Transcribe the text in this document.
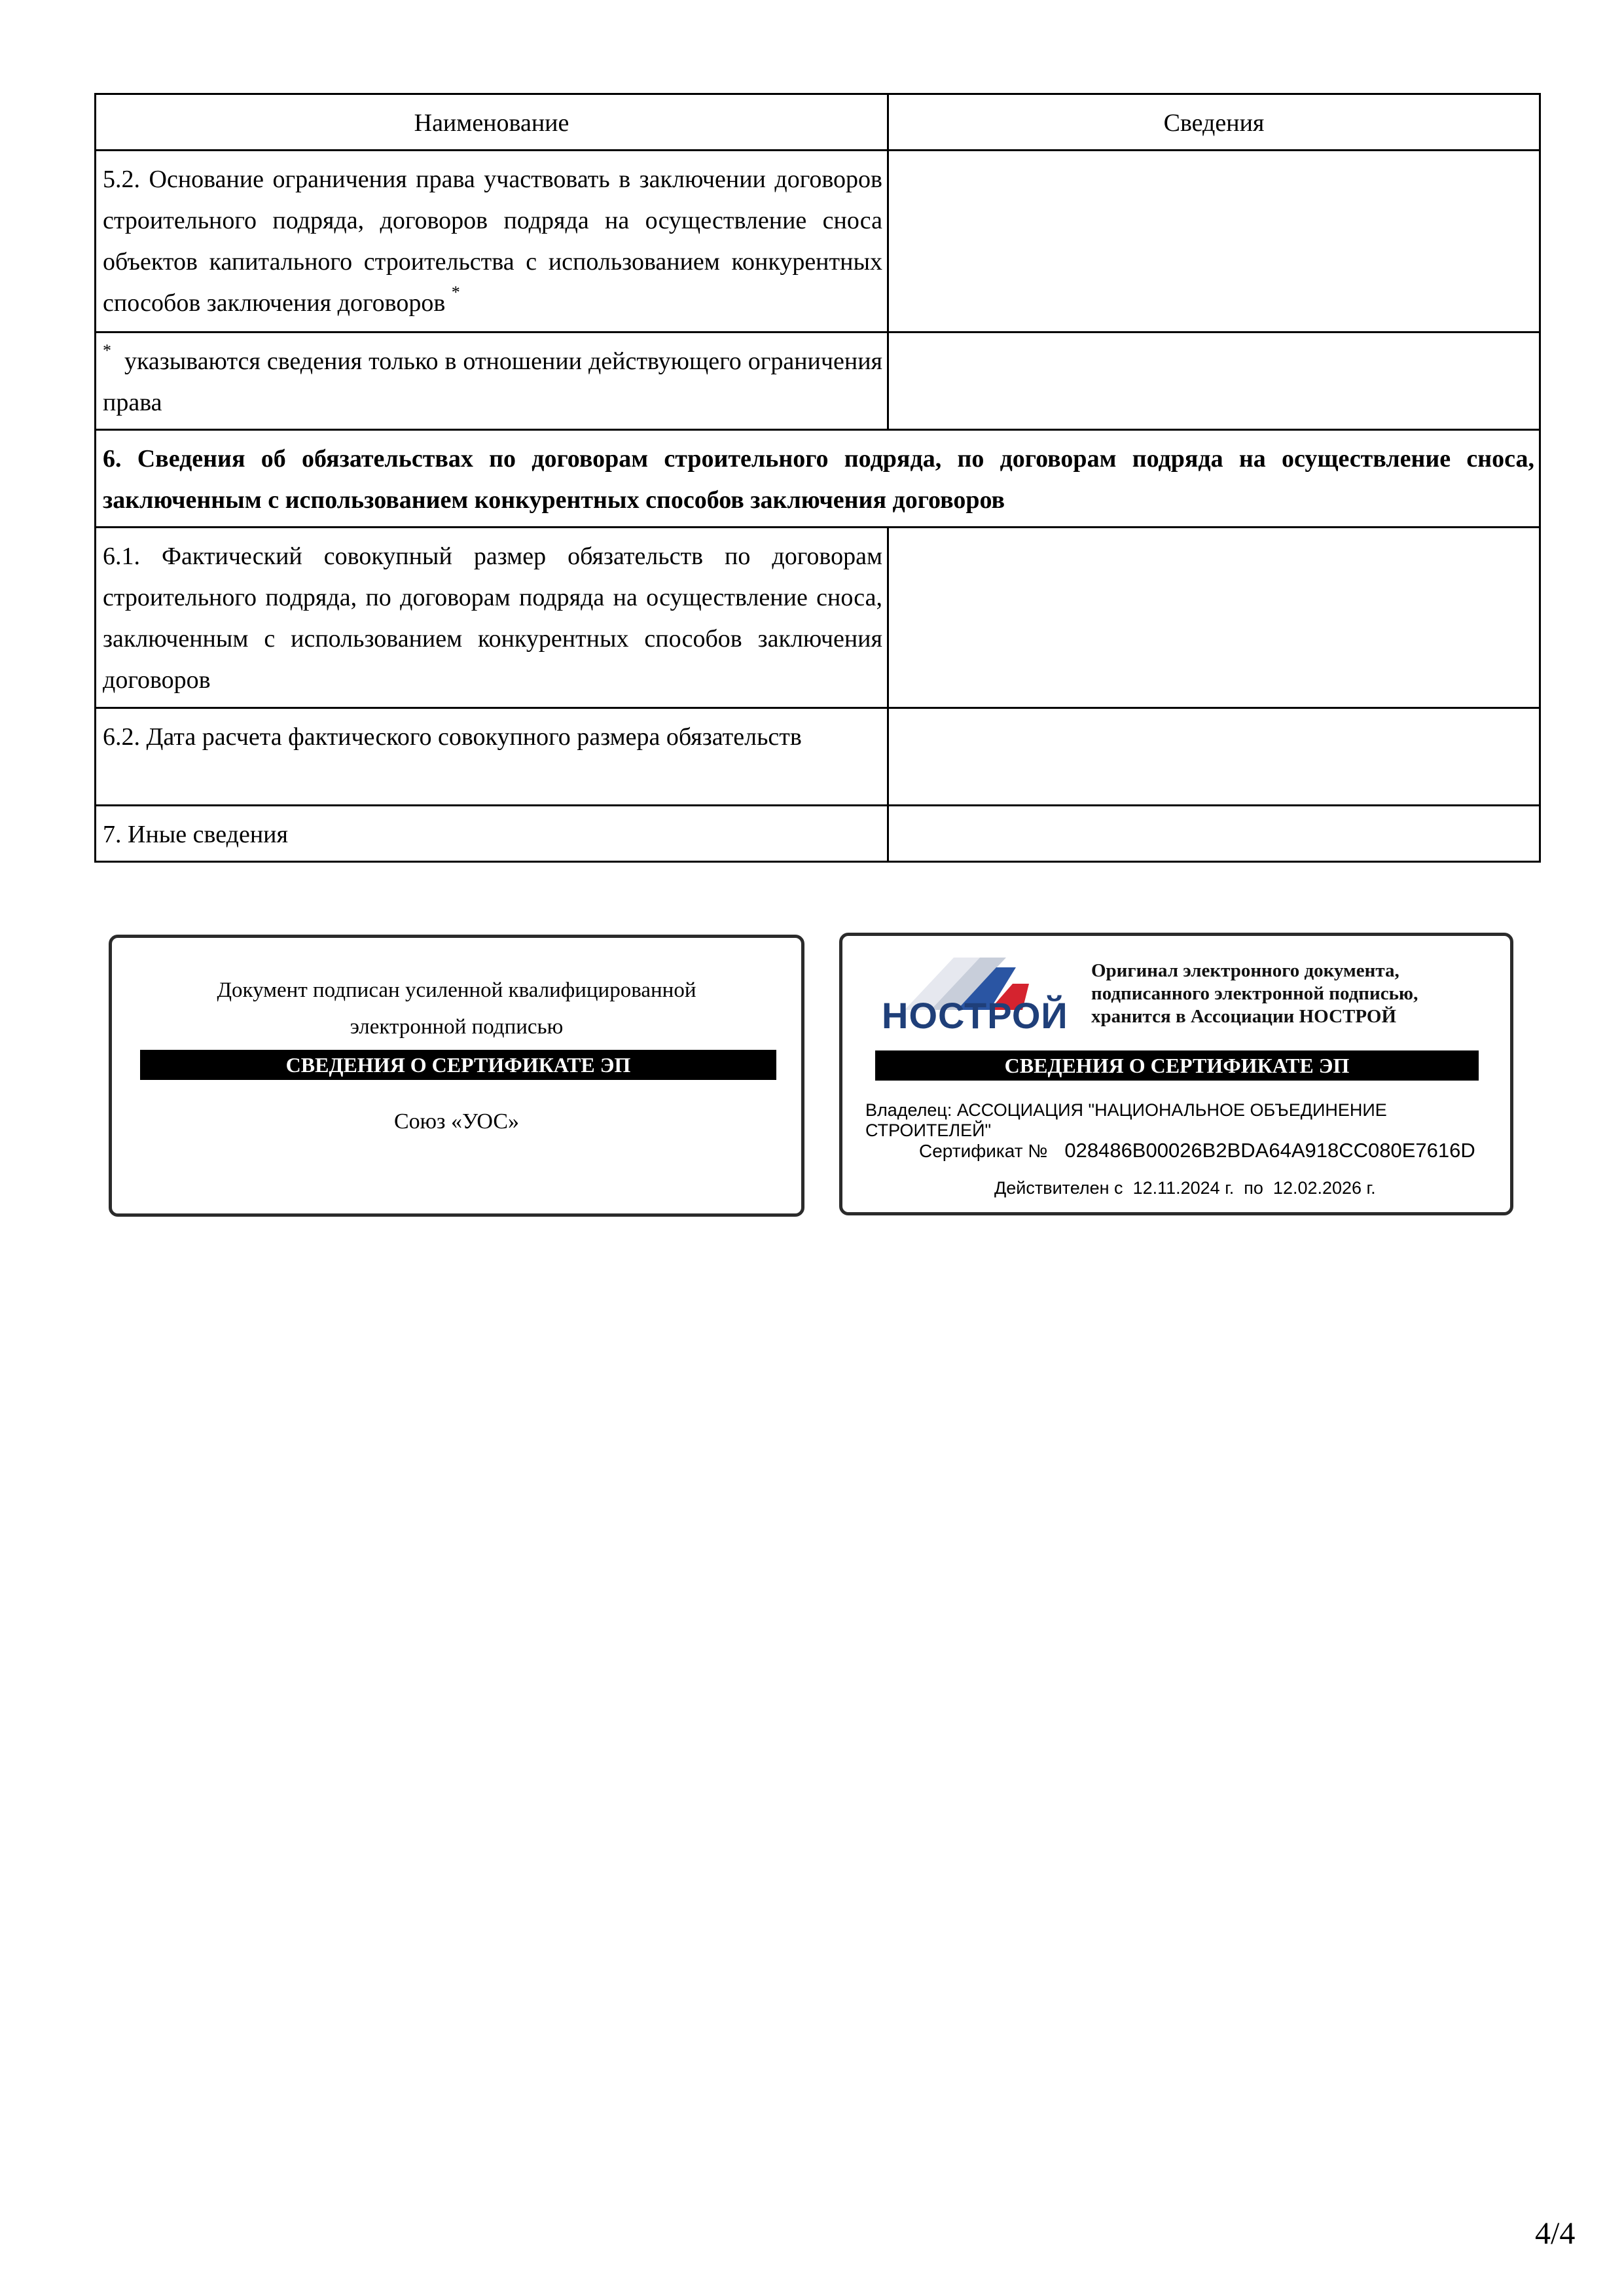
Наименование	Сведения

5.2. Основание ограничения права участвовать в заключении договоров строительного подряда, договоров подряда на осуществление сноса объектов капитального строительства с использованием конкурентных способов заключения договоров *

* указываются сведения только в отношении действующего ограничения права	

6. Сведения об обязательствах по договорам строительного подряда, по договорам подряда на осуществление сноса, заключенным с использованием конкурентных способов заключения договоров	

6.1. Фактический совокупный размер обязательств по договорам строительного подряда, по договорам подряда на осуществление сноса, заключенным с использованием конкурентных способов заключения договоров	

6.2. Дата расчета фактического совокупного размера обязательств	

7. Иные сведения	

Документ подписан усиленной квалифицированной
электронной подписью
СВЕДЕНИЯ О СЕРТИФИКАТЕ ЭП
Союз «УОС»
НОСТРОЙ
Оригинал электронного документа,
подписанного электронной подписью,
хранится в Ассоциации НОСТРОЙ
СВЕДЕНИЯ О СЕРТИФИКАТЕ ЭП
Владелец: АССОЦИАЦИЯ "НАЦИОНАЛЬНОЕ ОБЪЕДИНЕНИЕ СТРОИТЕЛЕЙ"
Сертификат № 028486B00026B2BDA64A918CC080E7616D
Действителен с 12.11.2024 г. по 12.02.2026 г.
4/4
